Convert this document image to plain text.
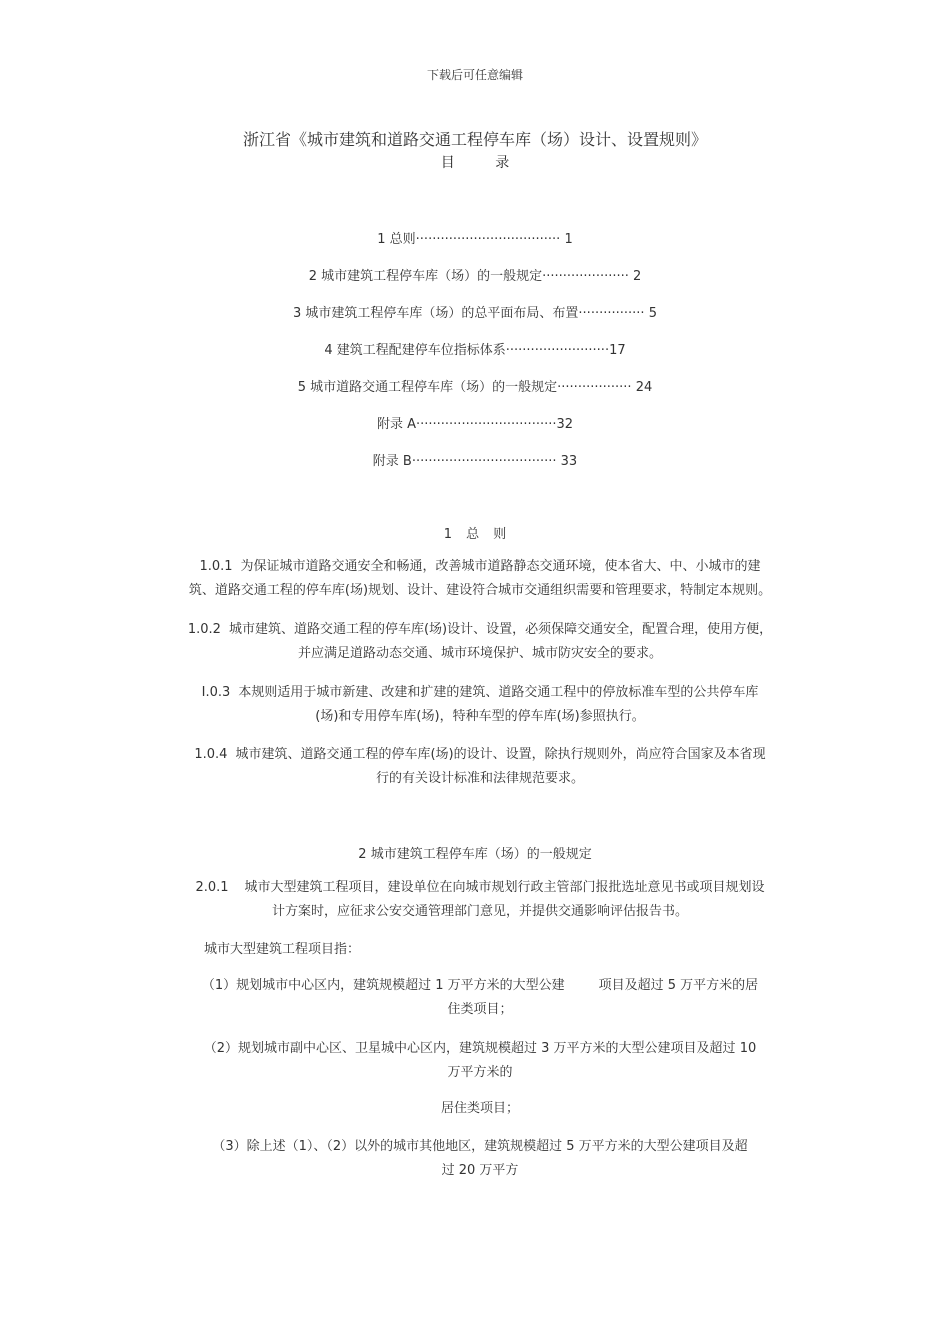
下载后可任意编辑
浙江省《城市建筑和道路交通工程停车库（场）设计、设置规则》
目 录
1 总则··································· 1
2 城市建筑工程停车库（场）的一般规定····················· 2
3 城市建筑工程停车库（场）的总平面布局、布置················ 5
4 建筑工程配建停车位指标体系·························17
5 城市道路交通工程停车库（场）的一般规定·················· 24
附录 A··································32
附录 B··································· 33
1 总 则
1.0.1 为保证城市道路交通安全和畅通，改善城市道路静态交通环境，使本省大、中、小城市的建
筑、道路交通工程的停车库(场)规划、设计、建设符合城市交通组织需要和管理要求，特制定本规则。
1.0.2 城市建筑、道路交通工程的停车库(场)设计、设置，必须保障交通安全，配置合理，使用方便，
并应满足道路动态交通、城市环境保护、城市防灾安全的要求。
I.0.3 本规则适用于城市新建、改建和扩建的建筑、道路交通工程中的停放标准车型的公共停车库
(场)和专用停车库(场)，特种车型的停车库(场)参照执行。
1.0.4 城市建筑、道路交通工程的停车库(场)的设计、设置，除执行规则外，尚应符合国家及本省现
行的有关设计标准和法律规范要求。
2 城市建筑工程停车库（场）的一般规定
2.0.1 城市大型建筑工程项目，建设单位在向城市规划行政主管部门报批选址意见书或项目规划设
计方案时，应征求公安交通管理部门意见，并提供交通影响评估报告书。
城市大型建筑工程项目指：
（1）规划城市中心区内，建筑规模超过 1 万平方米的大型公建	项目及超过 5 万平方米的居
住类项目；
（2）规划城市副中心区、卫星城中心区内，建筑规模超过 3 万平方米的大型公建项目及超过 10
万平方米的
居住类项目；
（3）除上述（1）、（2）以外的城市其他地区，建筑规模超过 5 万平方米的大型公建项目及超
过 20 万平方
